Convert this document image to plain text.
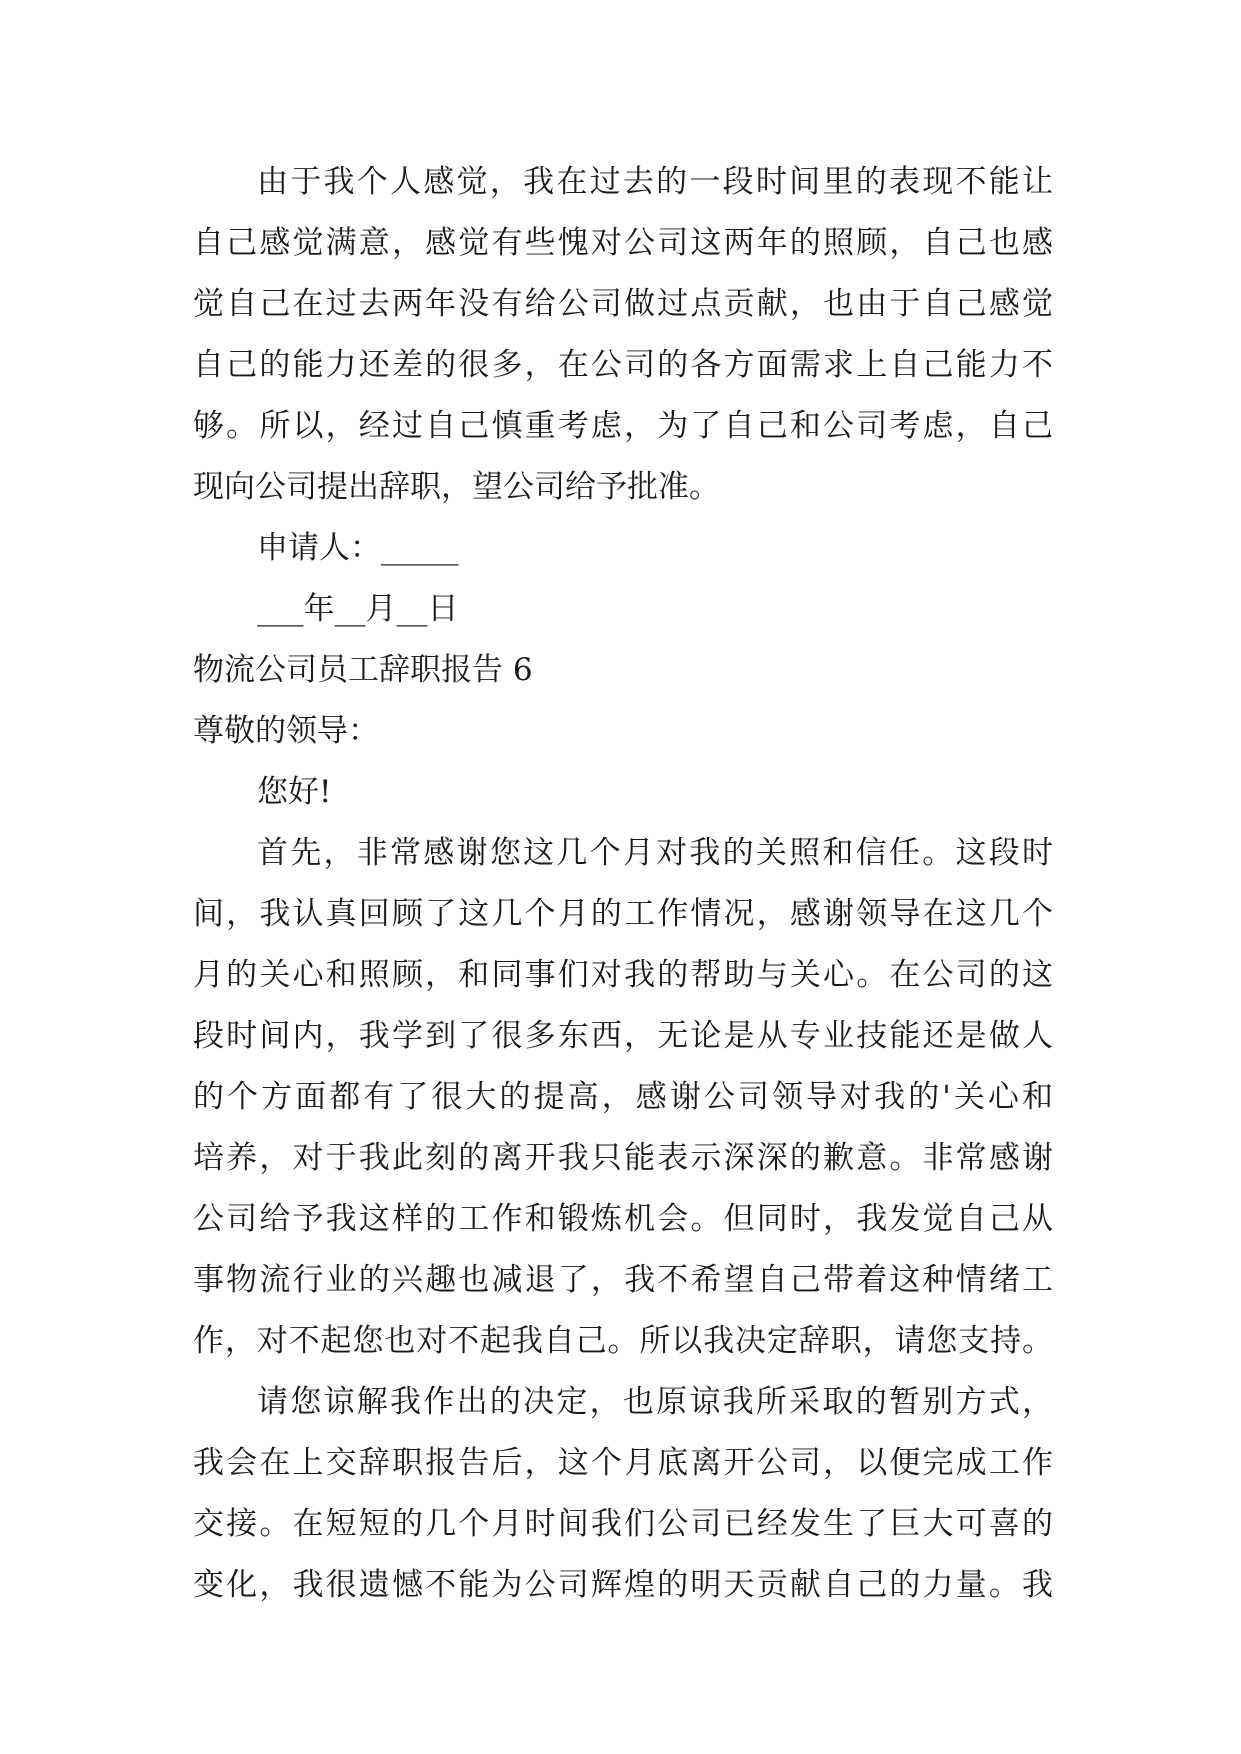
由于我个人感觉，我在过去的一段时间里的表现不能让
自己感觉满意，感觉有些愧对公司这两年的照顾，自己也感
觉自己在过去两年没有给公司做过点贡献，也由于自己感觉
自己的能力还差的很多，在公司的各方面需求上自己能力不
够。所以，经过自己慎重考虑，为了自己和公司考虑，自己
现向公司提出辞职，望公司给予批准。
申请人：_____
___年__月__日
物流公司员工辞职报告 6
尊敬的领导：
您好!
首先，非常感谢您这几个月对我的关照和信任。这段时
间，我认真回顾了这几个月的工作情况，感谢领导在这几个
月的关心和照顾，和同事们对我的帮助与关心。在公司的这
段时间内，我学到了很多东西，无论是从专业技能还是做人
的个方面都有了很大的提高，感谢公司领导对我的'关心和
培养，对于我此刻的离开我只能表示深深的歉意。非常感谢
公司给予我这样的工作和锻炼机会。但同时，我发觉自己从
事物流行业的兴趣也减退了，我不希望自己带着这种情绪工
作，对不起您也对不起我自己。所以我决定辞职，请您支持。
请您谅解我作出的决定，也原谅我所采取的暂别方式，
我会在上交辞职报告后，这个月底离开公司，以便完成工作
交接。在短短的几个月时间我们公司已经发生了巨大可喜的
变化，我很遗憾不能为公司辉煌的明天贡献自己的力量。我
